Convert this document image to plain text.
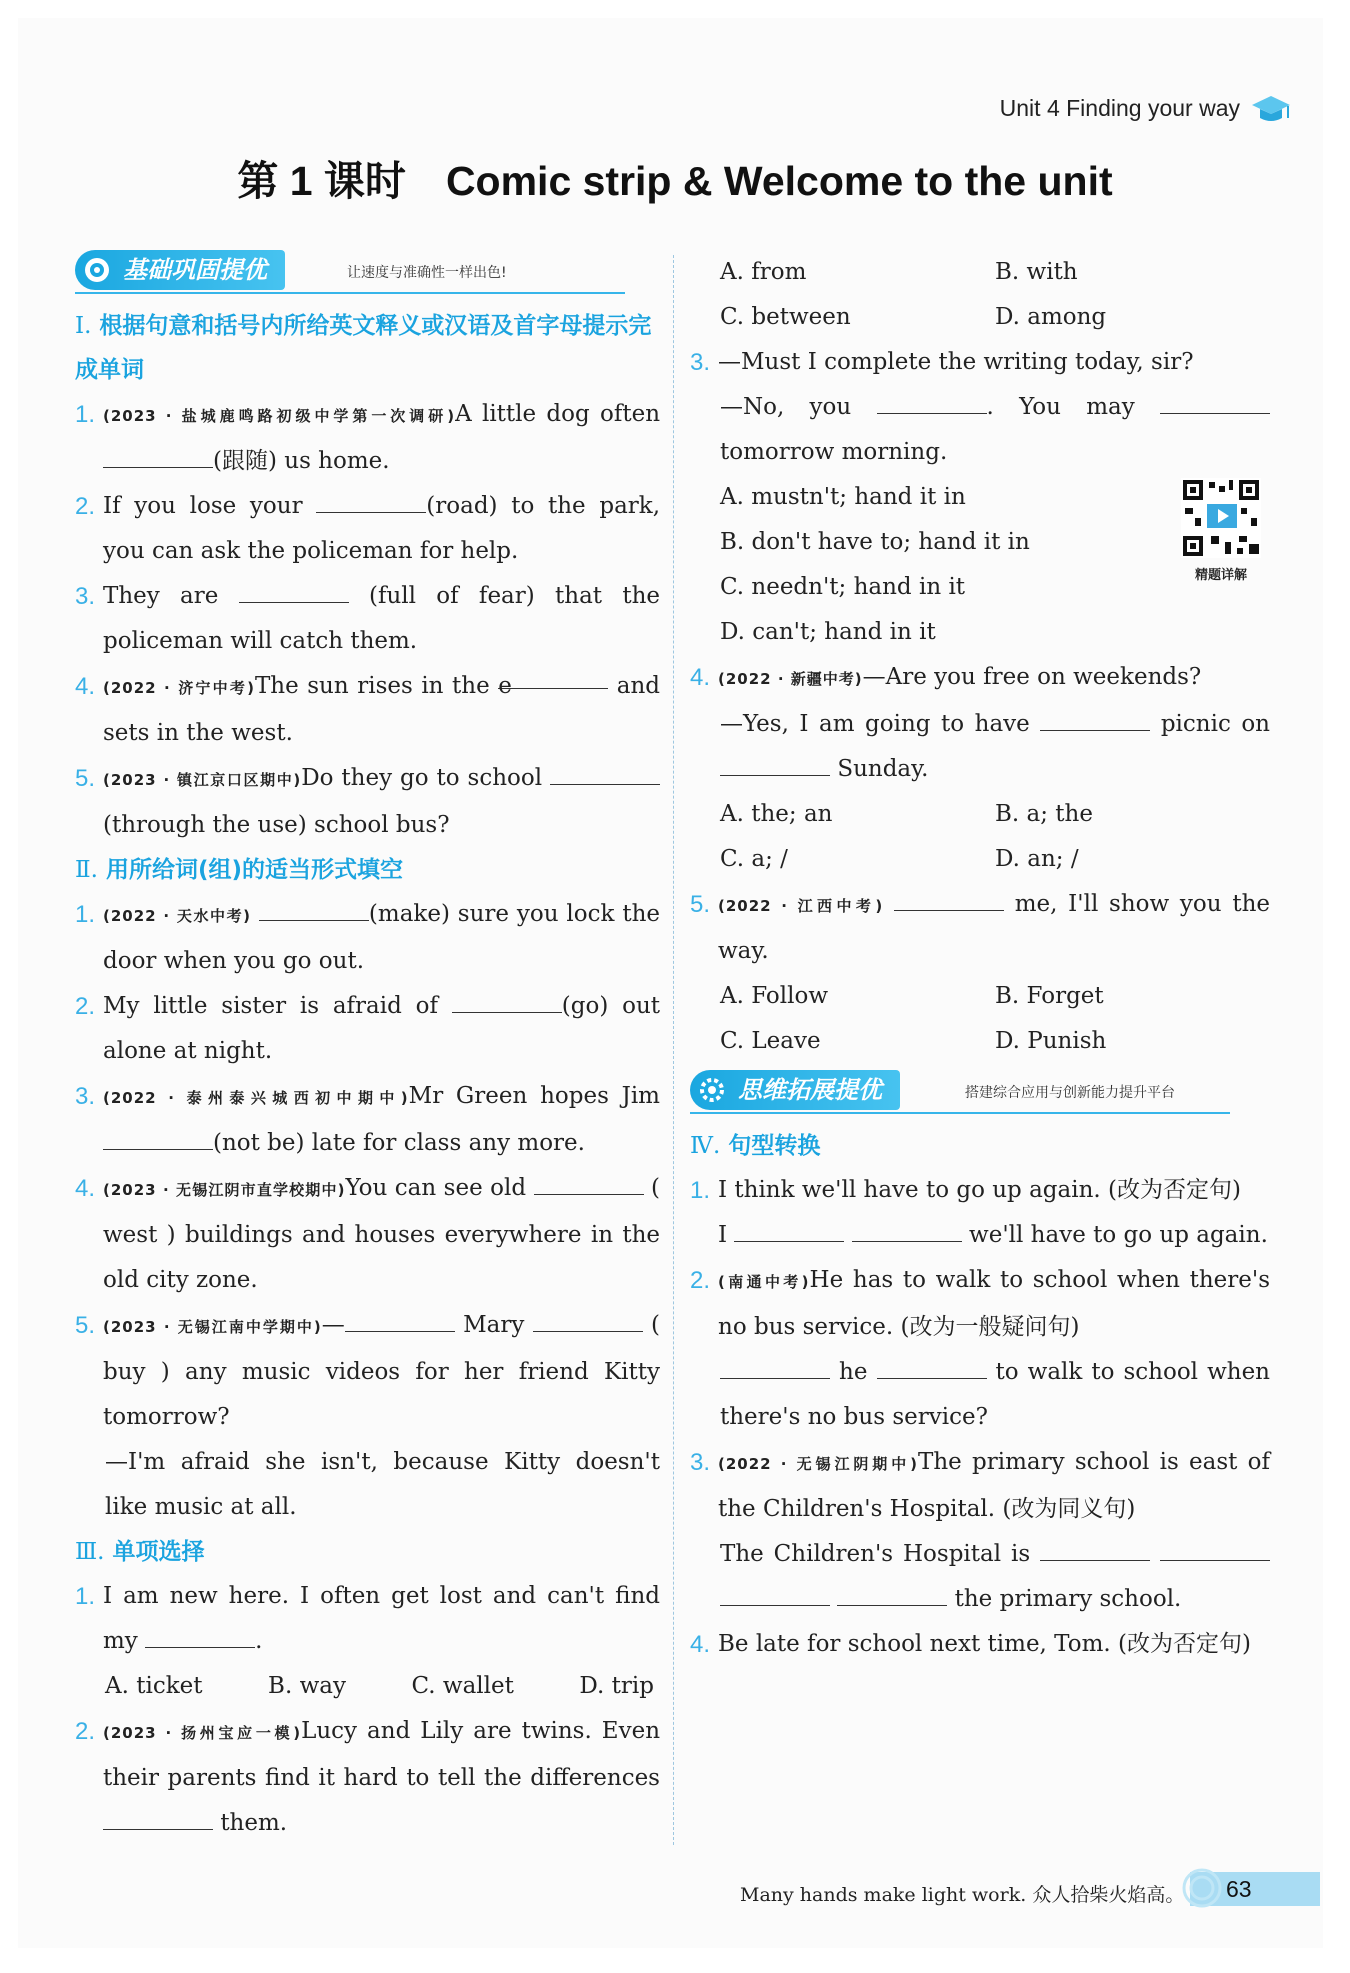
Unit 4 Finding your way
第 1 课时 Comic strip & Welcome to the unit
基础巩固提优	让速度与准确性一样出色!
Ⅰ. 根据句意和括号内所给英文释义或汉语及首字母提示完成单词
1. (2023 · 盐城鹿鸣路初级中学第一次调研)A little dog often (跟随) us home.
2. If you lose your	(road) to the park, you can ask the policeman for help.
3. They are	(full of fear) that the policeman will catch them.
4. (2022 · 济宁中考)The sun rises in the e	and sets in the west.
5. (2023 · 镇江京口区期中)Do they go to school (through the use) school bus?
Ⅱ. 用所给词(组)的适当形式填空
1. (2022 · 天水中考)	(make) sure you lock the door when you go out.
2. My little sister is afraid of	(go) out alone at night.
3. (2022 · 泰州泰兴城西初中期中)Mr Green hopes Jim (not be) late for class any more.
4. (2023 · 无锡江阴市直学校期中)You can see old	( west ) buildings and houses everywhere in the old city zone.
5. (2023 · 无锡江南中学期中)—	Mary	( buy ) any music videos for her friend Kitty tomorrow?
—I'm afraid she isn't, because Kitty doesn't like music at all.
Ⅲ. 单项选择
1. I am new here. I often get lost and can't find my	.
A. ticket	B. way	C. wallet	D. trip
2. (2023 · 扬州宝应一模)Lucy and Lily are twins. Even their parents find it hard to tell the differences  them.
A. from	B. with
C. between	D. among
3. —Must I complete the writing today, sir?
—No, you	. You may  tomorrow morning.
A. mustn't; hand it in
B. don't have to; hand it in
C. needn't; hand in it
D. can't; hand in it
精题详解
4. (2022 · 新疆中考)—Are you free on weekends?
—Yes, I am going to have	picnic on  Sunday.
A. the; an	B. a; the
C. a; /	D. an; /
5. (2022 · 江西中考)	me, I'll show you the way.
A. Follow	B. Forget
C. Leave	D. Punish
思维拓展提优	搭建综合应用与创新能力提升平台
Ⅳ. 句型转换
1. I think we'll have to go up again. (改为否定句)
I	we'll have to go up again.
2. (南通中考)He has to walk to school when there's no bus service. (改为一般疑问句)
he	to walk to school when there's no bus service?
3. (2022 · 无锡江阴期中)The primary school is east of the Children's Hospital. (改为同义句)
The Children's Hospital is     the primary school.
4. Be late for school next time, Tom. (改为否定句)
Many hands make light work. 众人拾柴火焰高。 63
